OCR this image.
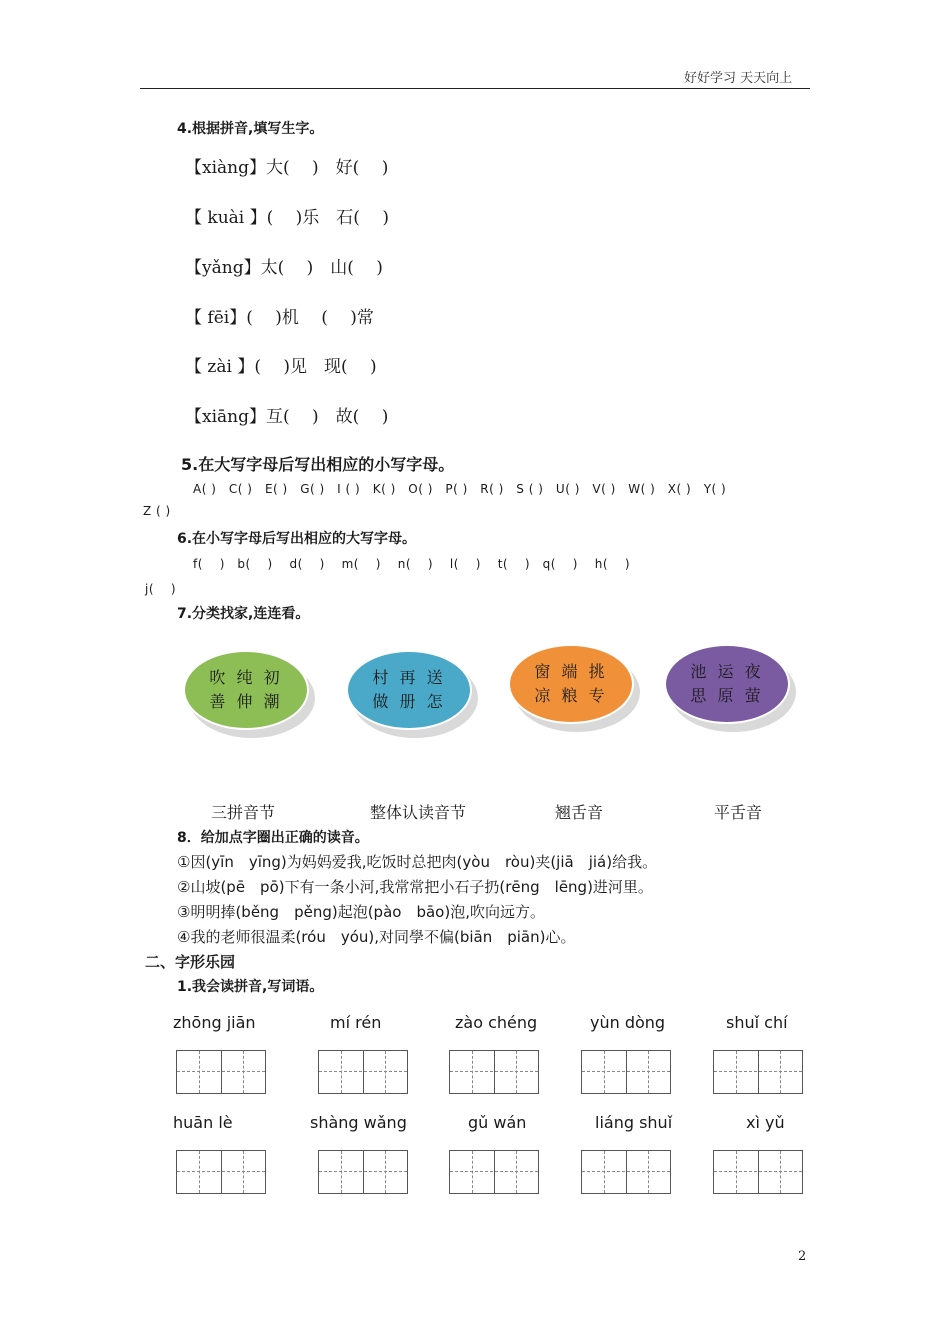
好好学习 天天向上
4.根据拼音,填写生字。
【xiàng】大(　 )　好(　 )
【 kuài 】(　 )乐　石(　 )
【yǎng】太(　 )　山(　 )
【 fēi】(　 )机　 (　 )常
【 zài 】(　 )见　现(　 )
【xiāng】互(　 )　故(　 )
5.在大写字母后写出相应的小写字母。
A( )　C( )　E( )　G( )　I ( )　K( )　O( )　P( )　R( )　S ( )　U( )　V( )　W( )　X( )　Y( )
Z ( )
6.在小写字母后写出相应的大写字母。
f(　 )　b(　 )　 d(　 )　 m(　 )　 n(　 )　 l(　 )　 t(　 )　q(　 )　 h(　 )
j(　 )
7.分类找家,连连看。
吹 纯 初
善 伸 潮
村 再 送
做 册 怎
窗 端 挑
凉 粮 专
池 运 夜
思 原 萤
三拼音节	整体认读音节	翘舌音	平舌音
8．给加点字圈出正确的读音。
①因(yīn　yīng)为妈妈爱我,吃饭时总把肉(yòu　ròu)夹(jiā　jiá)给我。
②山坡(pē　pō)下有一条小河,我常常把小石子扔(rēng　lēng)进河里。
③明明捧(běng　pěng)起泡(pào　bāo)泡,吹向远方。
④我的老师很温柔(róu　yóu),对同學不偏(biān　piān)心。
二、字形乐园
1.我会读拼音,写词语。
zhōng jiān	mí rén	zào chéng	yùn dòng	shuǐ chí
huān lè	shàng wǎng	gǔ wán	liáng shuǐ	xì yǔ
2
